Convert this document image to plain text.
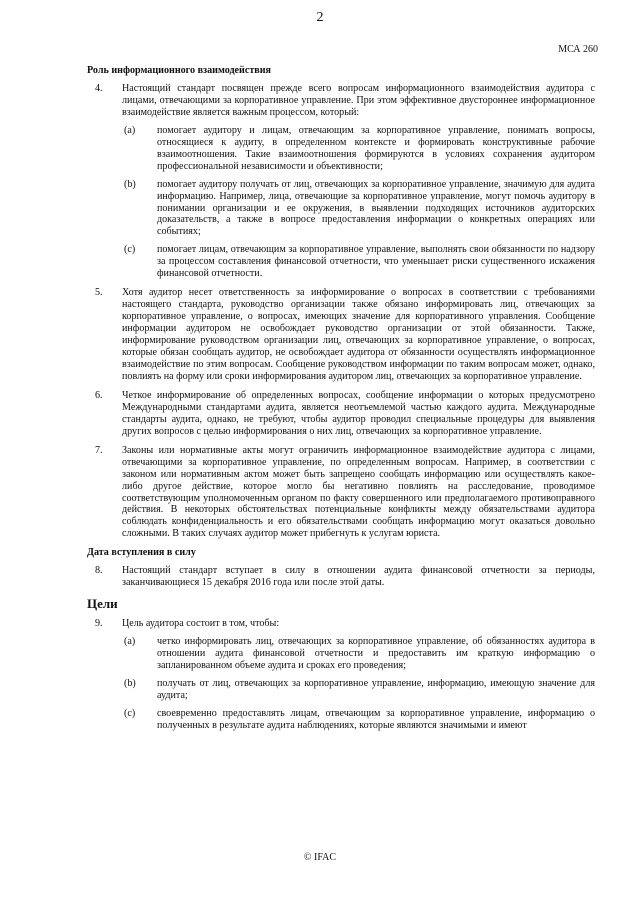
2
МСА 260
Роль информационного взаимодействия
4. Настоящий стандарт посвящен прежде всего вопросам информационного взаимодействия аудитора с лицами, отвечающими за корпоративное управление. При этом эффективное двустороннее информационное взаимодействие является важным процессом, который:
(a) помогает аудитору и лицам, отвечающим за корпоративное управление, понимать вопросы, относящиеся к аудиту, в определенном контексте и формировать конструктивные рабочие взаимоотношения. Такие взаимоотношения формируются в условиях сохранения аудитором профессиональной независимости и объективности;
(b) помогает аудитору получать от лиц, отвечающих за корпоративное управление, значимую для аудита информацию. Например, лица, отвечающие за корпоративное управление, могут помочь аудитору в понимании организации и ее окружения, в выявлении подходящих источников аудиторских доказательств, а также в вопросе предоставления информации о конкретных операциях или событиях;
(c) помогает лицам, отвечающим за корпоративное управление, выполнять свои обязанности по надзору за процессом составления финансовой отчетности, что уменьшает риски существенного искажения финансовой отчетности.
5. Хотя аудитор несет ответственность за информирование о вопросах в соответствии с требованиями настоящего стандарта, руководство организации также обязано информировать лиц, отвечающих за корпоративное управление, о вопросах, имеющих значение для корпоративного управления. Сообщение информации аудитором не освобождает руководство организации от этой обязанности. Также, информирование руководством организации лиц, отвечающих за корпоративное управление, о вопросах, которые обязан сообщать аудитор, не освобождает аудитора от обязанности осуществлять информационное взаимодействие по этим вопросам. Сообщение руководством информации по таким вопросам может, однако, повлиять на форму или сроки информирования аудитором лиц, отвечающих за корпоративное управление.
6. Четкое информирование об определенных вопросах, сообщение информации о которых предусмотрено Международными стандартами аудита, является неотъемлемой частью каждого аудита. Международные стандарты аудита, однако, не требуют, чтобы аудитор проводил специальные процедуры для выявления других вопросов с целью информирования о них лиц, отвечающих за корпоративное управление.
7. Законы или нормативные акты могут ограничить информационное взаимодействие аудитора с лицами, отвечающими за корпоративное управление, по определенным вопросам. Например, в соответствии с законом или нормативным актом может быть запрещено сообщать информацию или осуществлять какое-либо другое действие, которое могло бы негативно повлиять на расследование, проводимое соответствующим уполномоченным органом по факту совершенного или предполагаемого противоправного действия. В некоторых обстоятельствах потенциальные конфликты между обязательствами аудитора соблюдать конфиденциальность и его обязательствами сообщать информацию могут оказаться довольно сложными. В таких случаях аудитор может прибегнуть к услугам юриста.
Дата вступления в силу
8. Настоящий стандарт вступает в силу в отношении аудита финансовой отчетности за периоды, заканчивающиеся 15 декабря 2016 года или после этой даты.
Цели
9. Цель аудитора состоит в том, чтобы:
(a) четко информировать лиц, отвечающих за корпоративное управление, об обязанностях аудитора в отношении аудита финансовой отчетности и предоставить им краткую информацию о запланированном объеме аудита и сроках его проведения;
(b) получать от лиц, отвечающих за корпоративное управление, информацию, имеющую значение для аудита;
(c) своевременно предоставлять лицам, отвечающим за корпоративное управление, информацию о полученных в результате аудита наблюдениях, которые являются значимыми и имеют
© IFAC
